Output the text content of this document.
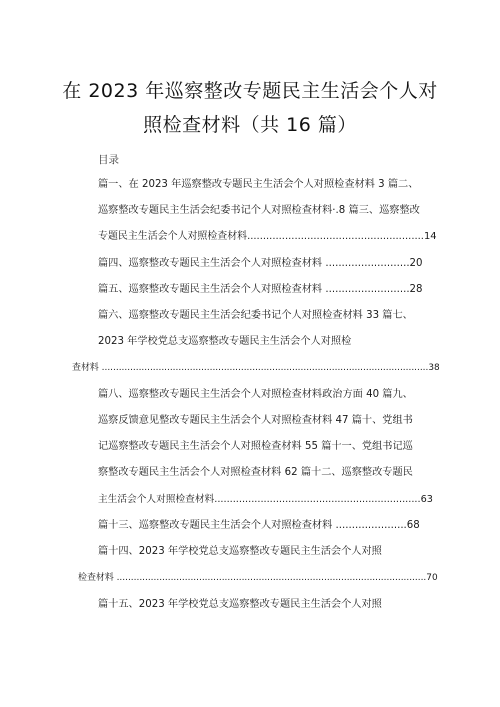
在 2023 年巡察整改专题民主生活会个人对
照检查材料（共 16 篇）
目录
篇一、在 2023 年巡察整改专题民主生活会个人对照检查材料 3 篇二、
巡察整改专题民主生活会纪委书记个人对照检查材料·.8 篇三、巡察整改
专题民主生活会个人对照检查材料........................................................14
篇四、巡察整改专题民主生活会个人对照检查材料 ..........................20
篇五、巡察整改专题民主生活会个人对照检查材料 ..........................28
篇六、巡察整改专题民主生活会纪委书记个人对照检查材料 33 篇七、
2023 年学校党总支巡察整改专题民主生活会个人对照检
查材料 ...................................................................................................................38
篇八、巡察整改专题民主生活会个人对照检查材料政治方面 40 篇九、
巡察反馈意见整改专题民主生活会个人对照检查材料 47 篇十、党组书
记巡察整改专题民主生活会个人对照检查材料 55 篇十一、党组书记巡
察整改专题民主生活会个人对照检查材料 62 篇十二、巡察整改专题民
主生活会个人对照检查材料...................................................................63
篇十三、巡察整改专题民主生活会个人对照检查材料 ......................68
篇十四、2023 年学校党总支巡察整改专题民主生活会个人对照
检查材料 .............................................................................................................70
篇十五、2023 年学校党总支巡察整改专题民主生活会个人对照
